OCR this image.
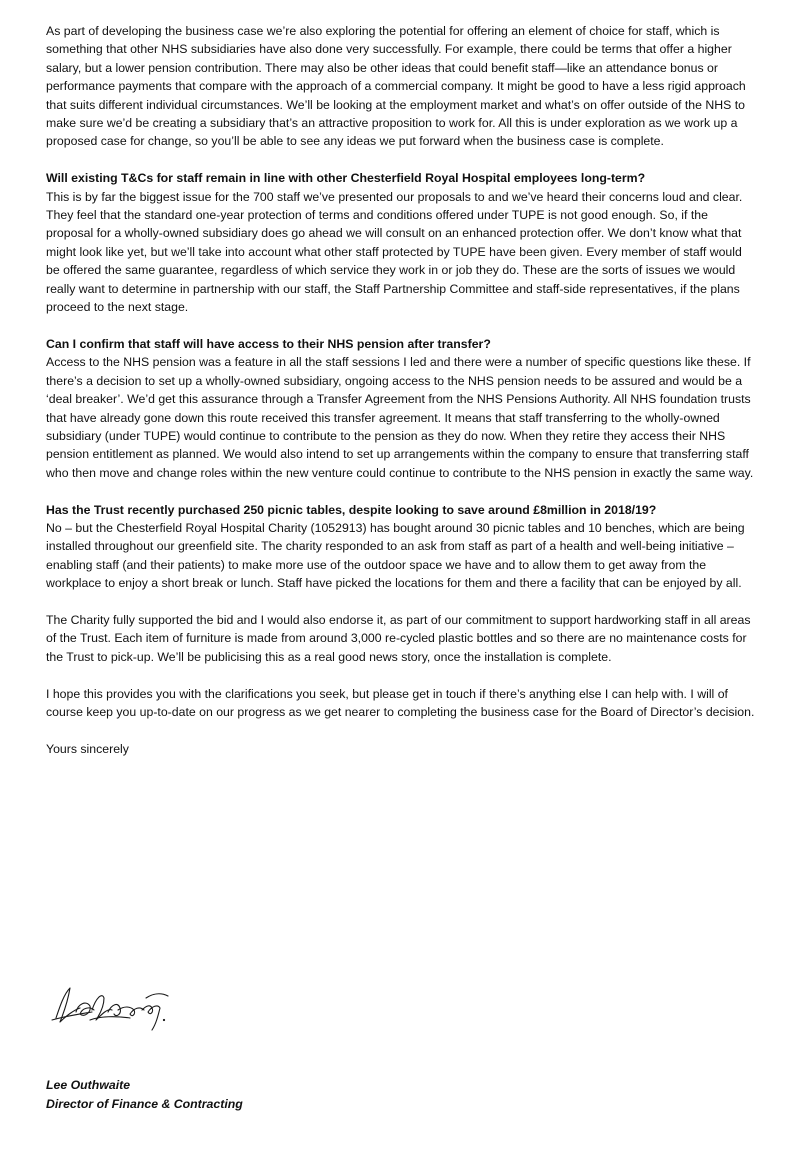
As part of developing the business case we’re also exploring the potential for offering an element of choice for staff, which is something that other NHS subsidiaries have also done very successfully. For example, there could be terms that offer a higher salary, but a lower pension contribution. There may also be other ideas that could benefit staff—like an attendance bonus or performance payments that compare with the approach of a commercial company. It might be good to have a less rigid approach that suits different individual circumstances. We’ll be looking at the employment market and what’s on offer outside of the NHS to make sure we’d be creating a subsidiary that’s an attractive proposition to work for. All this is under exploration as we work up a proposed case for change, so you’ll be able to see any ideas we put forward when the business case is complete.

Will existing T&Cs for staff remain in line with other Chesterfield Royal Hospital employees long-term?
This is by far the biggest issue for the 700 staff we’ve presented our proposals to and we’ve heard their concerns loud and clear. They feel that the standard one-year protection of terms and conditions offered under TUPE is not good enough. So, if the proposal for a wholly-owned subsidiary does go ahead we will consult on an enhanced protection offer. We don’t know what that might look like yet, but we’ll take into account what other staff protected by TUPE have been given. Every member of staff would be offered the same guarantee, regardless of which service they work in or job they do. These are the sorts of issues we would really want to determine in partnership with our staff, the Staff Partnership Committee and staff-side representatives, if the plans proceed to the next stage.
Can I confirm that staff will have access to their NHS pension after transfer?
Access to the NHS pension was a feature in all the staff sessions I led and there were a number of specific questions like these. If there’s a decision to set up a wholly-owned subsidiary, ongoing access to the NHS pension needs to be assured and would be a ‘deal breaker’. We’d get this assurance through a Transfer Agreement from the NHS Pensions Authority. All NHS foundation trusts that have already gone down this route received this transfer agreement. It means that staff transferring to the wholly-owned subsidiary (under TUPE) would continue to contribute to the pension as they do now. When they retire they access their NHS pension entitlement as planned. We would also intend to set up arrangements within the company to ensure that transferring staff who then move and change roles within the new venture could continue to contribute to the NHS pension in exactly the same way.
Has the Trust recently purchased 250 picnic tables, despite looking to save around £8million in 2018/19?
No – but the Chesterfield Royal Hospital Charity (1052913) has bought around 30 picnic tables and 10 benches, which are being installed throughout our greenfield site. The charity responded to an ask from staff as part of a health and well-being initiative – enabling staff (and their patients) to make more use of the outdoor space we have and to allow them to get away from the workplace to enjoy a short break or lunch. Staff have picked the locations for them and there a facility that can be enjoyed by all.

The Charity fully supported the bid and I would also endorse it, as part of our commitment to support hardworking staff in all areas of the Trust. Each item of furniture is made from around 3,000 re-cycled plastic bottles and so there are no maintenance costs for the Trust to pick-up. We’ll be publicising this as a real good news story, once the installation is complete.

I hope this provides you with the clarifications you seek, but please get in touch if there’s anything else I can help with. I will of course keep you up-to-date on our progress as we get nearer to completing the business case for the Board of Director’s decision.

Yours sincerely

Lee Outhwaite
Director of Finance & Contracting
